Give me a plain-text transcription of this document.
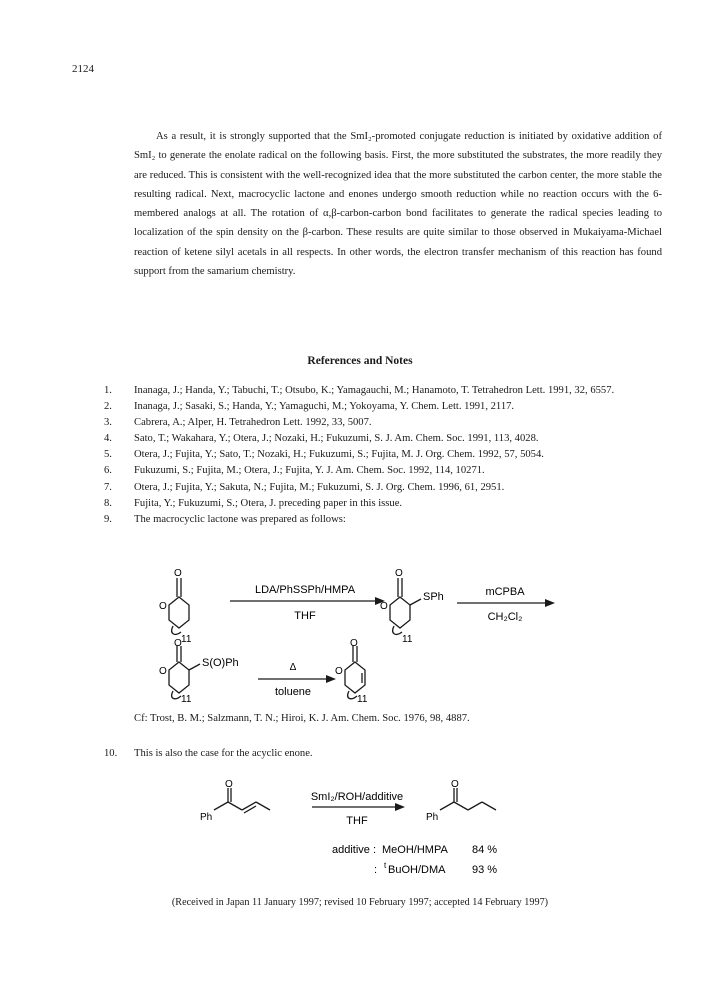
2124

As a result, it is strongly supported that the SmI₂-promoted conjugate reduction is initiated by oxidative addition of SmI₂ to generate the enolate radical on the following basis. First, the more substituted the substrates, the more readily they are reduced. This is consistent with the well-recognized idea that the more substituted the carbon center, the more stable the resulting radical. Next, macrocyclic lactone and enones undergo smooth reduction while no reaction occurs with the 6-membered analogs at all. The rotation of α,β-carbon-carbon bond facilitates to generate the radical species leading to localization of the spin density on the β-carbon. These results are quite similar to those observed in Mukaiyama-Michael reaction of ketene silyl acetals in all respects. In other words, the electron transfer mechanism of this reaction has found support from the samarium chemistry.

References and Notes
1.	Inanaga, J.; Handa, Y.; Tabuchi, T.; Otsubo, K.; Yamagauchi, M.; Hanamoto, T. Tetrahedron Lett. 1991, 32, 6557.
2.	Inanaga, J.; Sasaki, S.; Handa, Y.; Yamaguchi, M.; Yokoyama, Y. Chem. Lett. 1991, 2117.
3.	Cabrera, A.; Alper, H. Tetrahedron Lett. 1992, 33, 5007.
4.	Sato, T.; Wakahara, Y.; Otera, J.; Nozaki, H.; Fukuzumi, S. J. Am. Chem. Soc. 1991, 113, 4028.
5.	Otera, J.; Fujita, Y.; Sato, T.; Nozaki, H.; Fukuzumi, S.; Fujita, M. J. Org. Chem. 1992, 57, 5054.
6.	Fukuzumi, S.; Fujita, M.; Otera, J.; Fujita, Y. J. Am. Chem. Soc. 1992, 114, 10271.
7.	Otera, J.; Fujita, Y.; Sakuta, N.; Fujita, M.; Fukuzumi, S. J. Org. Chem. 1996, 61, 2951.
8.	Fujita, Y.; Fukuzumi, S.; Otera, J. preceding paper in this issue.
9.	The macrocyclic lactone was prepared as follows:
O
O
11
LDA/PhSSPh/HMPA
THF
O
O
SPh
11
mCPBA
CH₂Cl₂
O
O
S(O)Ph
11
Δ
toluene
O
O
11
Cf: Trost, B. M.; Salzmann, T. N.; Hiroi, K. J. Am. Chem. Soc. 1976, 98, 4887.
10.	This is also the case for the acyclic enone.
Ph
O
SmI₂/ROH/additive
THF	Ph
O
additive : MeOH/HMPA 84 %
: t BuOH/DMA 93 %
(Received in Japan 11 January 1997; revised 10 February 1997; accepted 14 February 1997)
